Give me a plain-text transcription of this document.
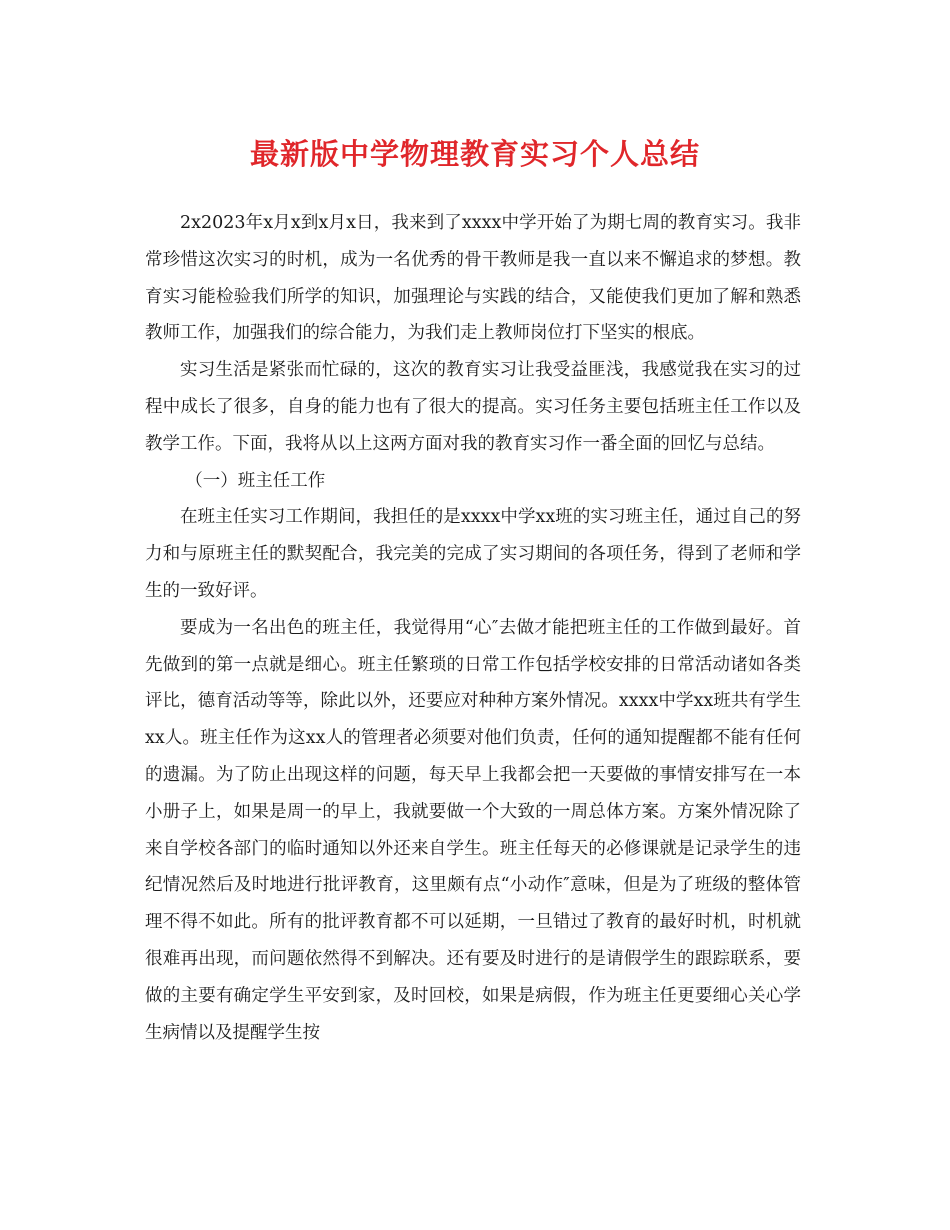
最新版中学物理教育实习个人总结

2x2023年x月x到x月x日，我来到了xxxx中学开始了为期七周的教育实习。我非常珍惜这次实习的时机，成为一名优秀的骨干教师是我一直以来不懈追求的梦想。教育实习能检验我们所学的知识，加强理论与实践的结合，又能使我们更加了解和熟悉教师工作，加强我们的综合能力，为我们走上教师岗位打下坚实的根底。

实习生活是紧张而忙碌的，这次的教育实习让我受益匪浅，我感觉我在实习的过程中成长了很多，自身的能力也有了很大的提高。实习任务主要包括班主任工作以及教学工作。下面，我将从以上这两方面对我的教育实习作一番全面的回忆与总结。

（一）班主任工作

在班主任实习工作期间，我担任的是xxxx中学xx班的实习班主任，通过自己的努力和与原班主任的默契配合，我完美的完成了实习期间的各项任务，得到了老师和学生的一致好评。

要成为一名出色的班主任，我觉得用“心″去做才能把班主任的工作做到最好。首先做到的第一点就是细心。班主任繁琐的日常工作包括学校安排的日常活动诸如各类评比，德育活动等等，除此以外，还要应对种种方案外情况。xxxx中学xx班共有学生xx人。班主任作为这xx人的管理者必须要对他们负责，任何的通知提醒都不能有任何的遗漏。为了防止出现这样的问题，每天早上我都会把一天要做的事情安排写在一本小册子上，如果是周一的早上，我就要做一个大致的一周总体方案。方案外情况除了来自学校各部门的临时通知以外还来自学生。班主任每天的必修课就是记录学生的违纪情况然后及时地进行批评教育，这里颇有点“小动作″意味，但是为了班级的整体管理不得不如此。所有的批评教育都不可以延期，一旦错过了教育的最好时机，时机就很难再出现，而问题依然得不到解决。还有要及时进行的是请假学生的跟踪联系，要做的主要有确定学生平安到家，及时回校，如果是病假，作为班主任更要细心关心学生病情以及提醒学生按
